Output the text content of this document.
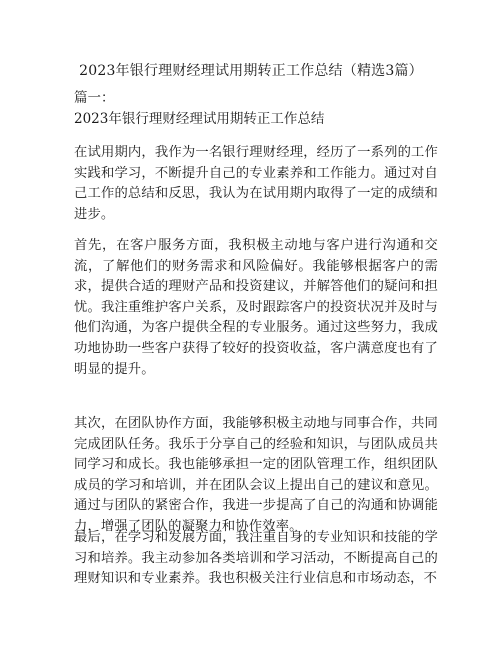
2023年银行理财经理试用期转正工作总结（精选3篇）
篇一：
2023年银行理财经理试用期转正工作总结

在试用期内，我作为一名银行理财经理，经历了一系列的工作实践和学习，不断提升自己的专业素养和工作能力。通过对自己工作的总结和反思，我认为在试用期内取得了一定的成绩和进步。

首先，在客户服务方面，我积极主动地与客户进行沟通和交流，了解他们的财务需求和风险偏好。我能够根据客户的需求，提供合适的理财产品和投资建议，并解答他们的疑问和担忧。我注重维护客户关系，及时跟踪客户的投资状况并及时与他们沟通，为客户提供全程的专业服务。通过这些努力，我成功地协助一些客户获得了较好的投资收益，客户满意度也有了明显的提升。

其次，在团队协作方面，我能够积极主动地与同事合作，共同完成团队任务。我乐于分享自己的经验和知识，与团队成员共同学习和成长。我也能够承担一定的团队管理工作，组织团队成员的学习和培训，并在团队会议上提出自己的建议和意见。通过与团队的紧密合作，我进一步提高了自己的沟通和协调能力，增强了团队的凝聚力和协作效率。

最后，在学习和发展方面，我注重自身的专业知识和技能的学习和培养。我主动参加各类培训和学习活动，不断提高自己的理财知识和专业素养。我也积极关注行业信息和市场动态，不
